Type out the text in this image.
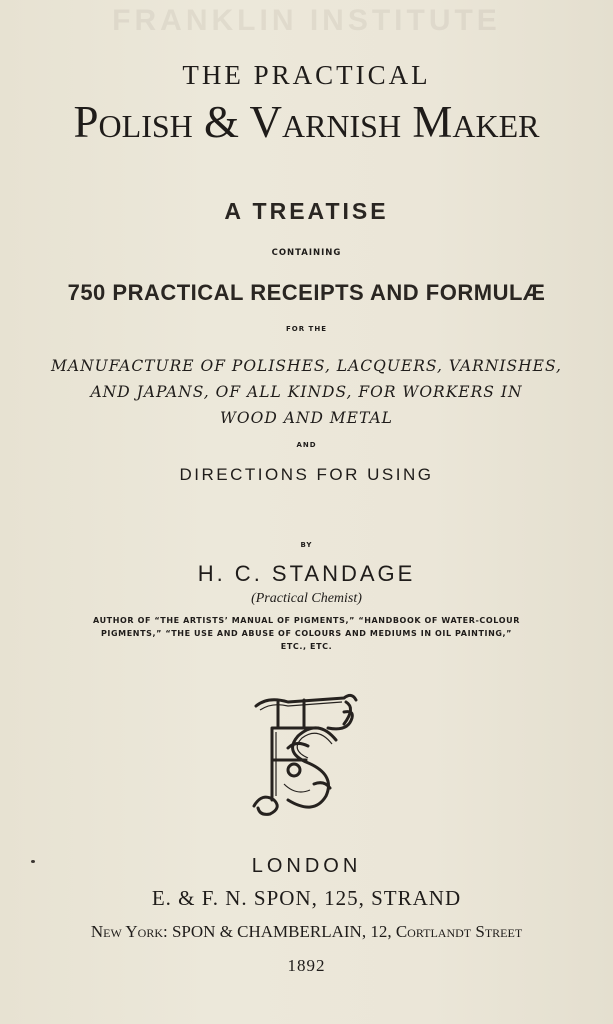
FRANKLIN INSTITUTE
THE PRACTICAL
Polish & Varnish Maker
A TREATISE
CONTAINING
750 PRACTICAL RECEIPTS AND FORMULÆ
FOR THE
MANUFACTURE OF POLISHES, LACQUERS, VARNISHES,
AND JAPANS, OF ALL KINDS, FOR WORKERS IN
WOOD AND METAL
AND
DIRECTIONS FOR USING
BY
H. C. STANDAGE
(Practical Chemist)
AUTHOR OF “THE ARTISTS’ MANUAL OF PIGMENTS,” “HANDBOOK OF WATER-COLOUR
PIGMENTS,” “THE USE AND ABUSE OF COLOURS AND MEDIUMS IN OIL PAINTING,”
ETC., ETC.
LONDON
E. & F. N. SPON, 125, STRAND
New York: SPON & CHAMBERLAIN, 12, Cortlandt Street
1892
